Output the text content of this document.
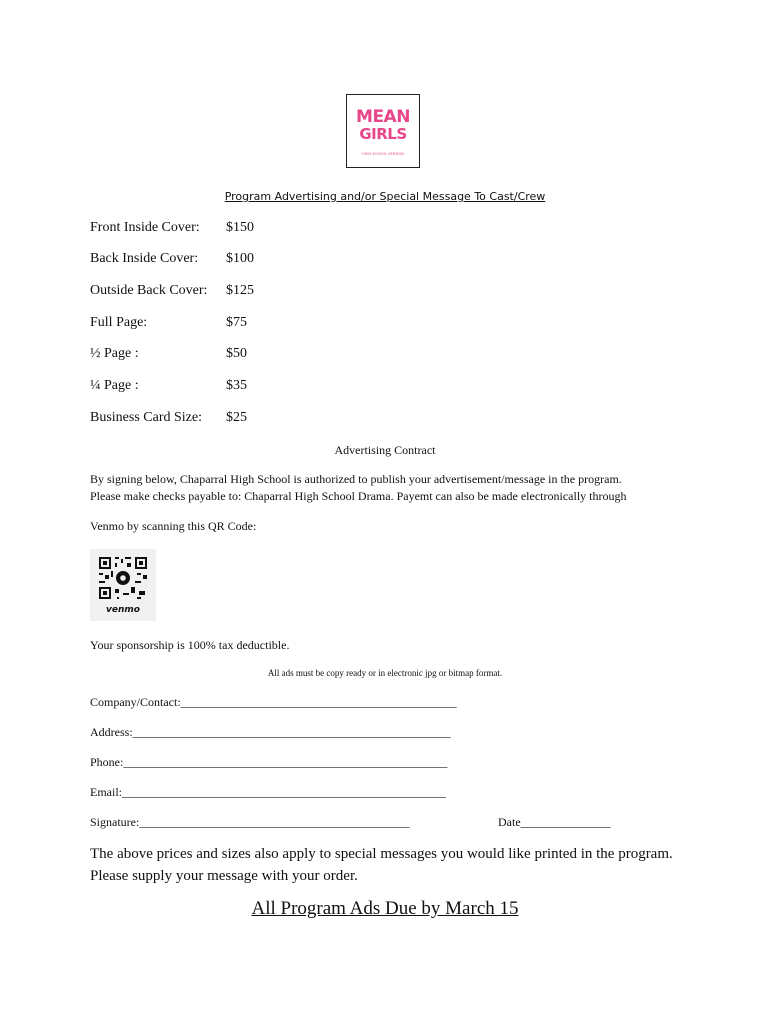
MEAN
GIRLS
HIGH SCHOOL VERSION
Program Advertising and/or Special Message To Cast/Crew
Front Inside Cover: $150
Back Inside Cover: $100
Outside Back Cover: $125
Full Page:	$75
½ Page :	$50
¼ Page :	$35
Business Card Size: $25
Advertising Contract
By signing below, Chaparral High School is authorized to publish your advertisement/message in the program.
Please make checks payable to: Chaparral High School Drama. Payemt can also be made electronically through
Venmo by scanning this QR Code:
venmo
Your sponsorship is 100% tax deductible.
All ads must be copy ready or in electronic jpg or bitmap format.
Company/Contact:______________________________________________
Address:_____________________________________________________
Phone:______________________________________________________
Email:______________________________________________________
Signature:_____________________________________________	Date_______________
The above prices and sizes also apply to special messages you would like printed in the program.
Please supply your message with your order.
All Program Ads Due by March 15
